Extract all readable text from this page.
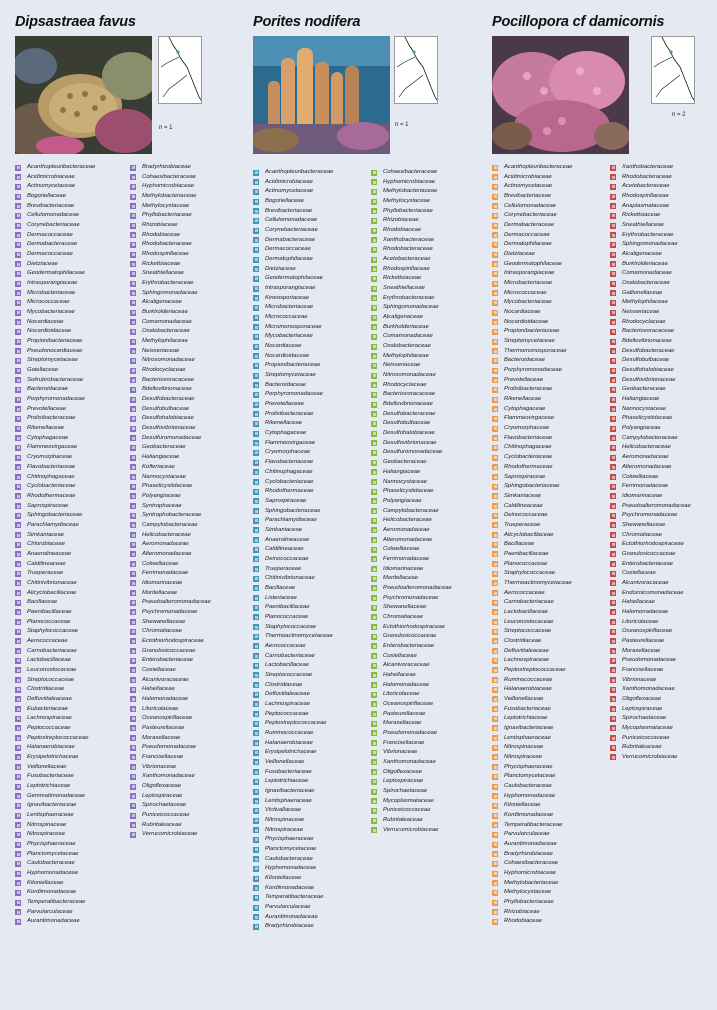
Dipsastraea favus
n = 1
Acanthopleuribacteraceae
Acidimicrobiaceae
Actinomycetaceae
Bogoriellaceae
Brevibacteriaceae
Cellulomonadaceae
Corynebacteriaceae
Dermacoccaceae
Dermabacteraceae
Dermacoccaceae
Dietziaceae
Geodermatophilaceae
Intrasporangiaceae
Microbacteriaceae
Micrococcaceae
Mycobacteriaceae
Nocardiaceae
Nocardioidaceae
Propionibacteriaceae
Pseudonocardiaceae
Streptomycetaceae
Gaiellaceae
Solirubrobacteraceae
Bacteroidaceae
Porphyromonadaceae
Prevotellaceae
Prolixibacteraceae
Rikenellaceae
Cytophagaceae
Flammeovirgaceae
Cryomorphaceae
Flavobacteriaceae
Chitinophagaceae
Cyclobacteriaceae
Rhodothermaceae
Saprospiraceae
Sphingobacteriaceae
Parachlamydiaceae
Simkaniaceae
Chlorobiaceae
Anaerolineaceae
Caldilineaceae
Trueperaceae
Chitinivibrionaceae
Alicyclobacillaceae
Bacillaceae
Paenibacillaceae
Planococcaceae
Staphylococcaceae
Aerococcaceae
Carnobacteriaceae
Lactobacillaceae
Leuconostocaceae
Streptococcaceae
Clostridiaceae
Defluviitaleaceae
Eubacteriaceae
Lachnospiraceae
Peptococcaceae
Peptostreptococcaceae
Halanaerobiaceae
Erysipelotrichaceae
Veillonellaceae
Fusobacteriaceae
Leptotrichiaceae
Gemmatimonadaceae
Ignavibacteriaceae
Lentisphaeraceae
Nitrospinaceae
Nitrospiraceae
Phycisphaeraceae
Planctomycetaceae
Caulobacteraceae
Hyphomonadaceae
Kiloniellaceae
Kordiimonadaceae
Temperatibacteraceae
Parvularculaceae
Aurantimonadaceae
Bradyrhizobiaceae
Cohaesibacteraceae
Hyphomicrobiaceae
Methylobacteriaceae
Methylocystaceae
Phyllobacteriaceae
Rhizobiaceae
Rhodobiaceae
Rhodobacteraceae
Rhodospirillaceae
Rickettsiaceae
Sneathiellaceae
Erythrobacteraceae
Sphingomonadaceae
Alcaligenaceae
Burkholderiaceae
Comamonadaceae
Oxalobacteraceae
Methylophilaceae
Neisseriaceae
Nitrosomonadaceae
Rhodocyclaceae
Bacteriovoracaceae
Bdellovibrionaceae
Desulfobacteraceae
Desulfobulbaceae
Desulfohalobiaceae
Desulfovibrionaceae
Desulfuromonadaceae
Geobacteraceae
Haliangiaceae
Kofleriaceae
Nannocystaceae
Phaselicystidaceae
Polyangiaceae
Syntrophaceae
Syntrophobacteraceae
Campylobacteraceae
Helicobacteraceae
Aeromonadaceae
Alteromonadaceae
Colwelliaceae
Ferrimonadaceae
Idiomarinaceae
Moritellaceae
Pseudoalteromonadaceae
Psychromonadaceae
Shewanellaceae
Chromatiaceae
Ectothiorhodospiraceae
Granulosicoccaceae
Enterobacteriaceae
Coxiellaceae
Alcanivoracaceae
Hahellaceae
Halomonadaceae
Litoricolaceae
Oceanospirillaceae
Pasteurellaceae
Moraxellaceae
Pseudomonadaceae
Francisellaceae
Vibrionaceae
Xanthomonadaceae
Oligoflexaceae
Leptospiraceae
Spirochaetaceae
Puniceicoccaceae
Rubritaleaceae
Verrucomicrobiaceae
Porites nodifera
n = 1
Acanthopleuribacteraceae
Acidimicrobiaceae
Actinomycetaceae
Bogoriellaceae
Brevibacteriaceae
Cellulomonadaceae
Corynebacteriaceae
Dermabacteraceae
Dermacoccaceae
Dermatophilaceae
Dietziaceae
Geodermatophilaceae
Intrasporangiaceae
Kineosporiaceae
Microbacteriaceae
Micrococcaceae
Micromonosporaceae
Mycobacteriaceae
Nocardiaceae
Nocardioidaceae
Propionibacteriaceae
Streptomycetaceae
Bacteroidaceae
Porphyromonadaceae
Prevotellaceae
Prolixibacteraceae
Rikenellaceae
Cytophagaceae
Flammeovirgaceae
Cryomorphaceae
Flavobacteriaceae
Chitinophagaceae
Cyclobacteriaceae
Rhodothermaceae
Saprospiraceae
Sphingobacteriaceae
Parachlamydiaceae
Simkaniaceae
Anaerolineaceae
Caldilineaceae
Deinococcaceae
Trueperaceae
Chitinivibrionaceae
Bacillaceae
Listeriaceae
Paenibacillaceae
Planococcaceae
Staphylococcaceae
Thermoactinomycetaceae
Aerococcaceae
Carnobacteriaceae
Lactobacillaceae
Streptococcaceae
Clostridiaceae
Defluviitaleaceae
Lachnospiraceae
Peptococcaceae
Peptostreptococcaceae
Ruminococcaceae
Halanaerobiaceae
Erysipelotrichaceae
Veillonellaceae
Fusobacteriaceae
Leptotrichiaceae
Ignavibacteriaceae
Lentisphaeraceae
Victivallaceae
Nitrospinaceae
Nitrospiraceae
Phycisphaeraceae
Planctomycetaceae
Caulobacteraceae
Hyphomonadaceae
Kiloniellaceae
Kordiimonadaceae
Temperatibacteraceae
Parvularculaceae
Aurantimonadaceae
Bradyrhizobiaceae
Cohaesibacteraceae
Hyphomicrobiaceae
Methylobacteriaceae
Methylocystaceae
Phyllobacteriaceae
Rhizobiaceae
Rhodobiaceae
Xanthobacteraceae
Rhodobacteraceae
Acetobacteraceae
Rhodospirillaceae
Rickettsiaceae
Sneathiellaceae
Erythrobacteraceae
Sphingomonadaceae
Alcaligenaceae
Burkholderiaceae
Comamonadaceae
Oxalobacteraceae
Methylophilaceae
Neisseriaceae
Nitrosomonadaceae
Rhodocyclaceae
Bacteriovoracaceae
Bdellovibrionaceae
Desulfobacteraceae
Desulfobulbaceae
Desulfohalobiaceae
Desulfovibrionaceae
Desulfuromonadaceae
Geobacteraceae
Haliangiaceae
Nannocystaceae
Phaselicystidaceae
Polyangiaceae
Campylobacteraceae
Helicobacteraceae
Aeromonadaceae
Alteromonadaceae
Colwelliaceae
Ferrimonadaceae
Idiomarinaceae
Moritellaceae
Pseudoalteromonadaceae
Psychromonadaceae
Shewanellaceae
Chromatiaceae
Ectothiorhodospiraceae
Granulosicoccaceae
Enterobacteriaceae
Coxiellaceae
Alcanivoracaceae
Hahellaceae
Halomonadaceae
Litoricolaceae
Oceanospirillaceae
Pasteurellaceae
Moraxellaceae
Pseudomonadaceae
Francisellaceae
Vibrionaceae
Xanthomonadaceae
Oligoflexaceae
Leptospiraceae
Spirochaetaceae
Mycoplasmataceae
Puniceicoccaceae
Rubritaleaceae
Verrucomicrobiaceae
Pocillopora cf damicornis
n = 2
Acanthopleuribacteraceae
Acidimicrobiaceae
Actinomycetaceae
Brevibacteriaceae
Cellulomonadaceae
Corynebacteriaceae
Dermabacteraceae
Dermacoccaceae
Dermatophilaceae
Dietziaceae
Geodermatophilaceae
Intrasporangiaceae
Microbacteriaceae
Micrococcaceae
Mycobacteriaceae
Nocardiaceae
Nocardioidaceae
Propionibacteriaceae
Streptomycetaceae
Thermomonosporaceae
Bacteroidaceae
Porphyromonadaceae
Prevotellaceae
Prolixibacteraceae
Rikenellaceae
Cytophagaceae
Flammeovirgaceae
Cryomorphaceae
Flavobacteriaceae
Chitinophagaceae
Cyclobacteriaceae
Rhodothermaceae
Saprospiraceae
Sphingobacteriaceae
Simkaniaceae
Caldilineaceae
Deinococcaceae
Trueperaceae
Alicyclobacillaceae
Bacillaceae
Paenibacillaceae
Planococcaceae
Staphylococcaceae
Thermoactinomycetaceae
Aerococcaceae
Carnobacteriaceae
Lactobacillaceae
Leuconostocaceae
Streptococcaceae
Clostridiaceae
Defluviitaleaceae
Lachnospiraceae
Peptostreptococcaceae
Ruminococcaceae
Halanaerobiaceae
Veillonellaceae
Fusobacteriaceae
Leptotrichiaceae
Ignavibacteriaceae
Lentisphaeraceae
Nitrospinaceae
Nitrospiraceae
Phycisphaeraceae
Planctomycetaceae
Caulobacteraceae
Hyphomonadaceae
Kiloniellaceae
Kordiimonadaceae
Temperatibacteraceae
Parvularculaceae
Aurantimonadaceae
Bradyrhizobiaceae
Cohaesibacteraceae
Hyphomicrobiaceae
Methylobacteriaceae
Methylocystaceae
Phyllobacteriaceae
Rhizobiaceae
Rhodobiaceae
Xanthobacteraceae
Rhodobacteraceae
Acetobacteraceae
Rhodospirillaceae
Anaplasmataceae
Rickettsiaceae
Sneathiellaceae
Erythrobacteraceae
Sphingomonadaceae
Alcaligenaceae
Burkholderiaceae
Comamonadaceae
Oxalobacteraceae
Gallionellaceae
Methylophilaceae
Neisseriaceae
Rhodocyclaceae
Bacteriovoracaceae
Bdellovibrionaceae
Desulfobacteraceae
Desulfobulbaceae
Desulfohalobiaceae
Desulfovibrionaceae
Geobacteraceae
Haliangiaceae
Nannocystaceae
Phaselicystidaceae
Polyangiaceae
Campylobacteraceae
Helicobacteraceae
Aeromonadaceae
Alteromonadaceae
Colwelliaceae
Ferrimonadaceae
Idiomarinaceae
Pseudoalteromonadaceae
Psychromonadaceae
Shewanellaceae
Chromatiaceae
Ectothiorhodospiraceae
Granulosicoccaceae
Enterobacteriaceae
Coxiellaceae
Alcanivoracaceae
Endozoicomonadaceae
Hahellaceae
Halomonadaceae
Litoricolaceae
Oceanospirillaceae
Pasteurellaceae
Moraxellaceae
Pseudomonadaceae
Francisellaceae
Vibrionaceae
Xanthomonadaceae
Oligoflexaceae
Leptospiraceae
Spirochaetaceae
Mycoplasmataceae
Puniceicoccaceae
Rubritaleaceae
Verrucomicrobiaceae
